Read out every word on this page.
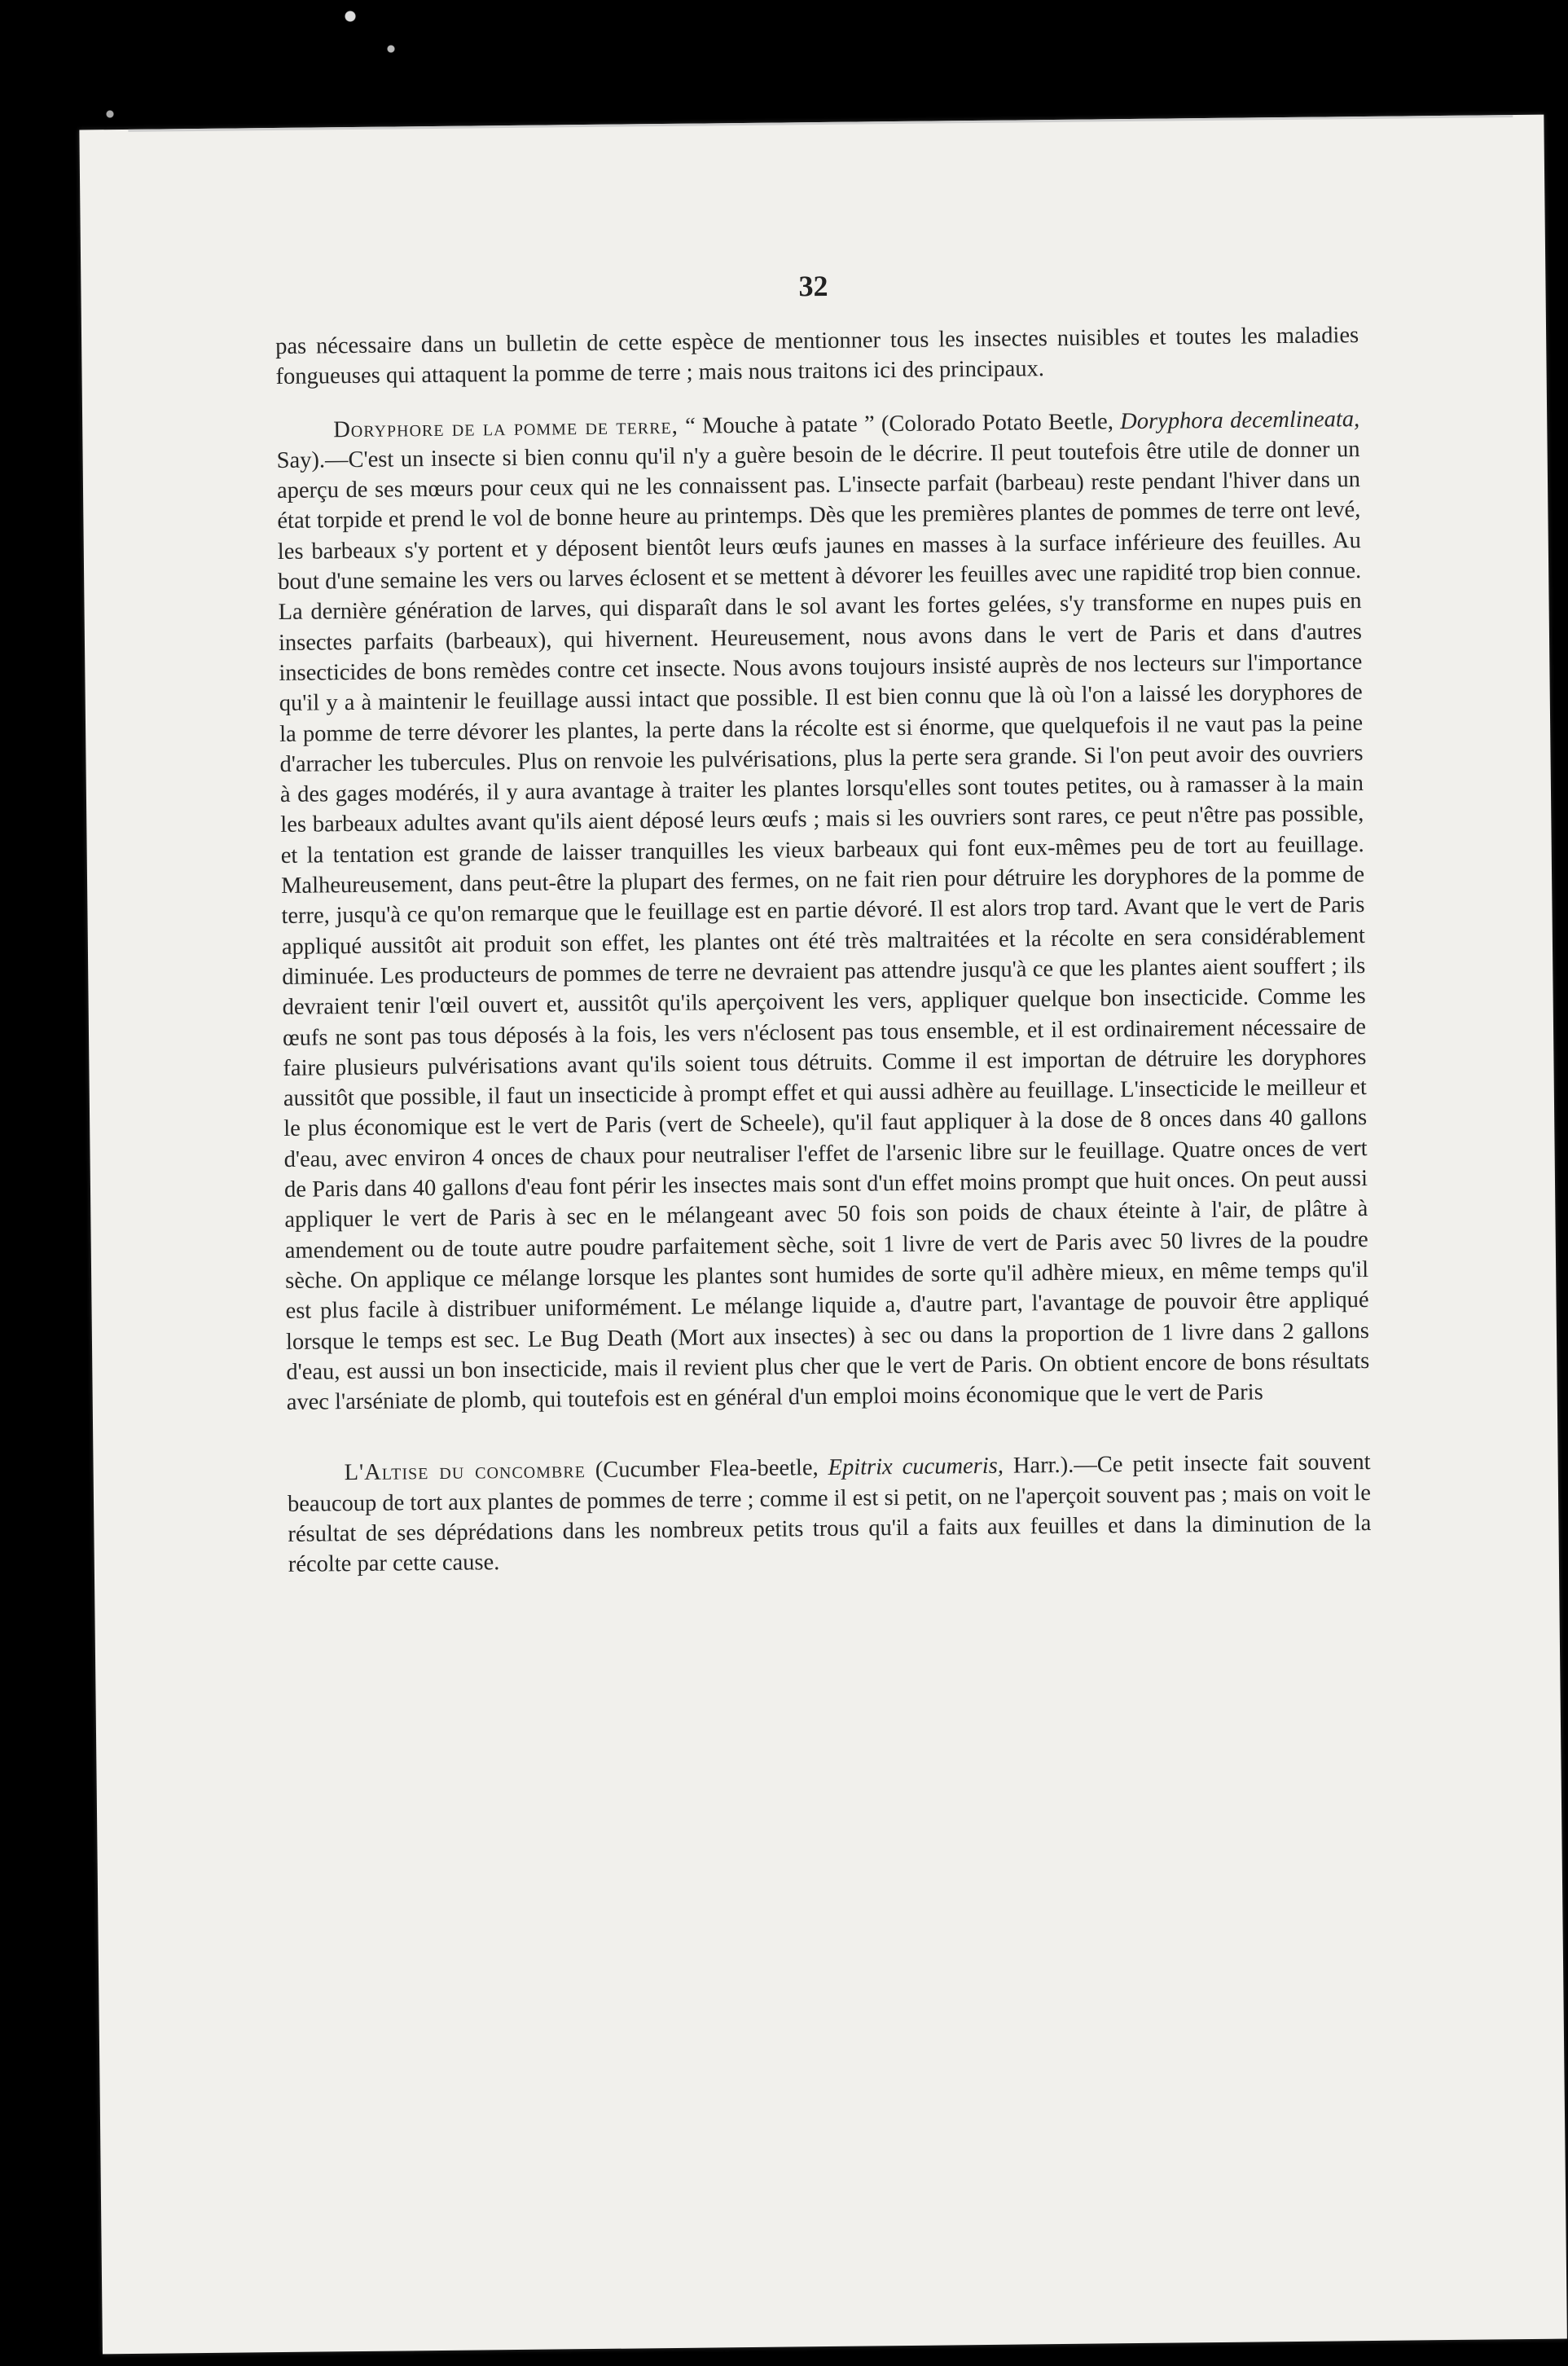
32

pas nécessaire dans un bulletin de cette espèce de mentionner tous les insectes nuisibles et toutes les maladies fongueuses qui attaquent la pomme de terre ; mais nous traitons ici des principaux.

Doryphore de la pomme de terre, “ Mouche à patate ” (Colorado Potato Beetle, Doryphora decemlineata, Say).—C'est un insecte si bien connu qu'il n'y a guère besoin de le décrire. Il peut toutefois être utile de donner un aperçu de ses mœurs pour ceux qui ne les connaissent pas. L'insecte parfait (barbeau) reste pendant l'hiver dans un état torpide et prend le vol de bonne heure au printemps. Dès que les premières plantes de pommes de terre ont levé, les barbeaux s'y portent et y déposent bientôt leurs œufs jaunes en masses à la surface inférieure des feuilles. Au bout d'une semaine les vers ou larves éclosent et se mettent à dévorer les feuilles avec une rapidité trop bien connue. La dernière génération de larves, qui disparaît dans le sol avant les fortes gelées, s'y transforme en nupes puis en insectes parfaits (barbeaux), qui hivernent. Heureusement, nous avons dans le vert de Paris et dans d'autres insecticides de bons remèdes contre cet insecte. Nous avons toujours insisté auprès de nos lecteurs sur l'importance qu'il y a à maintenir le feuillage aussi intact que possible. Il est bien connu que là où l'on a laissé les doryphores de la pomme de terre dévorer les plantes, la perte dans la récolte est si énorme, que quelquefois il ne vaut pas la peine d'arracher les tubercules. Plus on renvoie les pulvérisations, plus la perte sera grande. Si l'on peut avoir des ouvriers à des gages modérés, il y aura avantage à traiter les plantes lorsqu'elles sont toutes petites, ou à ramasser à la main les barbeaux adultes avant qu'ils aient déposé leurs œufs ; mais si les ouvriers sont rares, ce peut n'être pas possible, et la tentation est grande de laisser tranquilles les vieux barbeaux qui font eux-mêmes peu de tort au feuillage. Malheureusement, dans peut-être la plupart des fermes, on ne fait rien pour détruire les doryphores de la pomme de terre, jusqu'à ce qu'on remarque que le feuillage est en partie dévoré. Il est alors trop tard. Avant que le vert de Paris appliqué aussitôt ait produit son effet, les plantes ont été très maltraitées et la récolte en sera considérablement diminuée. Les producteurs de pommes de terre ne devraient pas attendre jusqu'à ce que les plantes aient souffert ; ils devraient tenir l'œil ouvert et, aussitôt qu'ils aperçoivent les vers, appliquer quelque bon insecticide. Comme les œufs ne sont pas tous déposés à la fois, les vers n'éclosent pas tous ensemble, et il est ordinairement nécessaire de faire plusieurs pulvérisations avant qu'ils soient tous détruits. Comme il est importan de détruire les doryphores aussitôt que possible, il faut un insecticide à prompt effet et qui aussi adhère au feuillage. L'insecticide le meilleur et le plus économique est le vert de Paris (vert de Scheele), qu'il faut appliquer à la dose de 8 onces dans 40 gallons d'eau, avec environ 4 onces de chaux pour neutraliser l'effet de l'arsenic libre sur le feuillage. Quatre onces de vert de Paris dans 40 gallons d'eau font périr les insectes mais sont d'un effet moins prompt que huit onces. On peut aussi appliquer le vert de Paris à sec en le mélangeant avec 50 fois son poids de chaux éteinte à l'air, de plâtre à amendement ou de toute autre poudre parfaitement sèche, soit 1 livre de vert de Paris avec 50 livres de la poudre sèche. On applique ce mélange lorsque les plantes sont humides de sorte qu'il adhère mieux, en même temps qu'il est plus facile à distribuer uniformément. Le mélange liquide a, d'autre part, l'avantage de pouvoir être appliqué lorsque le temps est sec. Le Bug Death (Mort aux insectes) à sec ou dans la proportion de 1 livre dans 2 gallons d'eau, est aussi un bon insecticide, mais il revient plus cher que le vert de Paris. On obtient encore de bons résultats avec l'arséniate de plomb, qui toutefois est en général d'un emploi moins économique que le vert de Paris

L'Altise du concombre (Cucumber Flea-beetle, Epitrix cucumeris, Harr.).—Ce petit insecte fait souvent beaucoup de tort aux plantes de pommes de terre ; comme il est si petit, on ne l'aperçoit souvent pas ; mais on voit le résultat de ses déprédations dans les nombreux petits trous qu'il a faits aux feuilles et dans la diminution de la récolte par cette cause.
